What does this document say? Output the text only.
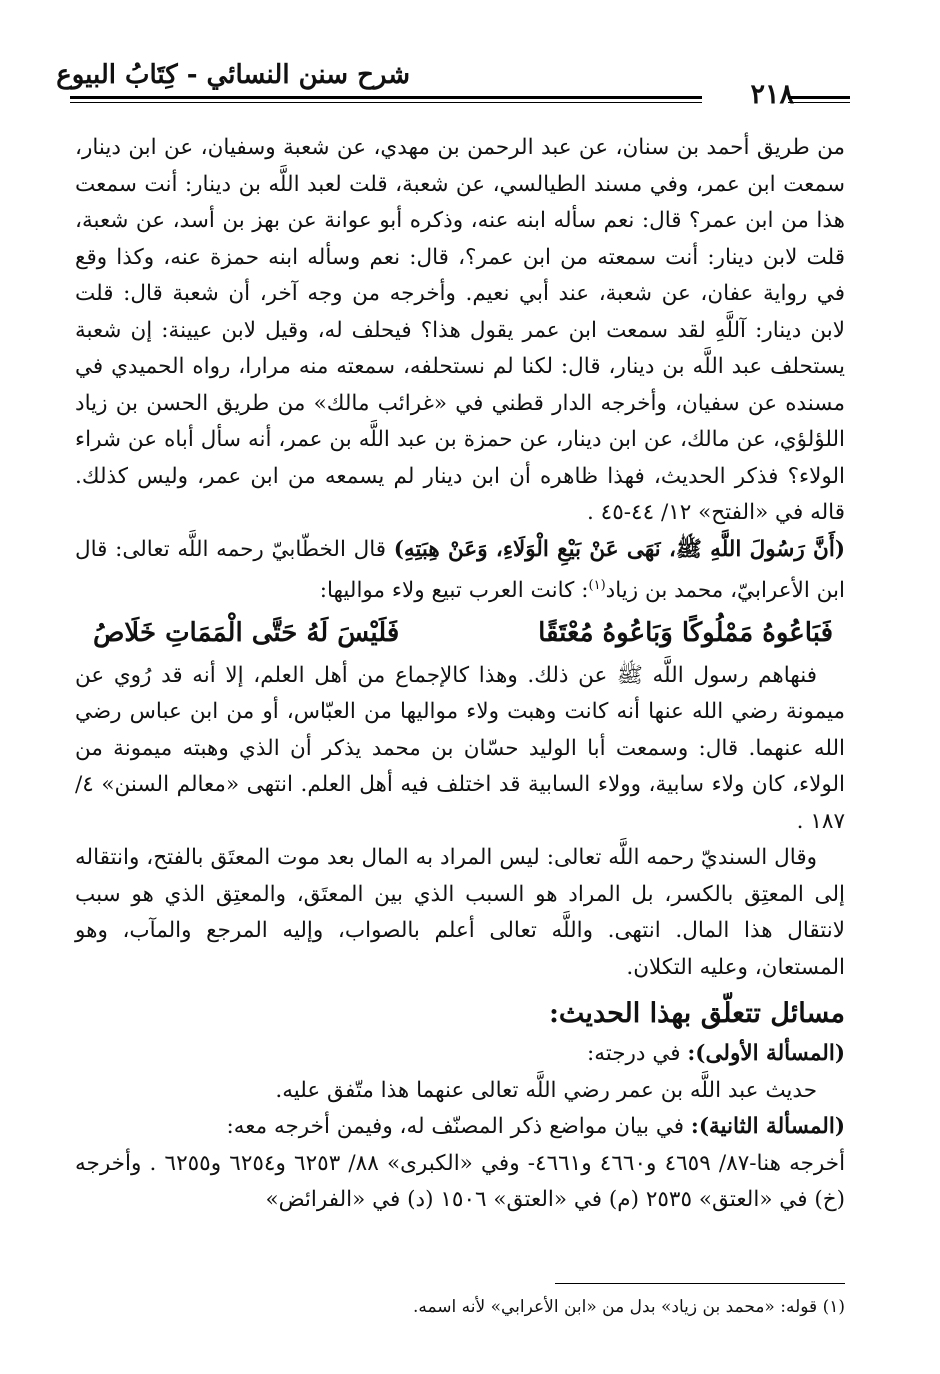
شرح سنن النسائي - كِتَابُ البيوع
٢١٨

من طريق أحمد بن سنان، عن عبد الرحمن بن مهدي، عن شعبة وسفيان، عن ابن دينار، سمعت ابن عمر، وفي مسند الطيالسي، عن شعبة، قلت لعبد اللَّه بن دينار: أنت سمعت هذا من ابن عمر؟ قال: نعم سأله ابنه عنه، وذكره أبو عوانة عن بهز بن أسد، عن شعبة، قلت لابن دينار: أنت سمعته من ابن عمر؟، قال: نعم وسأله ابنه حمزة عنه، وكذا وقع في رواية عفان، عن شعبة، عند أبي نعيم. وأخرجه من وجه آخر، أن شعبة قال: قلت لابن دينار: آللَّهِ لقد سمعت ابن عمر يقول هذا؟ فيحلف له، وقيل لابن عيينة: إن شعبة يستحلف عبد اللَّه بن دينار، قال: لكنا لم نستحلفه، سمعته منه مرارا، رواه الحميدي في مسنده عن سفيان، وأخرجه الدار قطني في «غرائب مالك» من طريق الحسن بن زياد اللؤلؤي، عن مالك، عن ابن دينار، عن حمزة بن عبد اللَّه بن عمر، أنه سأل أباه عن شراء الولاء؟ فذكر الحديث، فهذا ظاهره أن ابن دينار لم يسمعه من ابن عمر، وليس كذلك. قاله في «الفتح» ١٢/ ٤٤-٤٥ .

(أَنَّ رَسُولَ اللَّهِ ﷺ، نَهَى عَنْ بَيْعِ الْوَلَاءِ، وَعَنْ هِبَتِهِ) قال الخطّابيّ رحمه اللَّه تعالى: قال ابن الأعرابيّ، محمد بن زياد$^{(١)}$: كانت العرب تبيع ولاء مواليها:

فَبَاعُوهُ مَمْلُوكًا وَبَاعُوهُ مُعْتَقًا
فَلَيْسَ لَهُ حَتَّى الْمَمَاتِ خَلَاصُ

فنهاهم رسول اللَّه ﷺ عن ذلك. وهذا كالإجماع من أهل العلم، إلا أنه قد رُوي عن ميمونة رضي الله عنها أنه كانت وهبت ولاء مواليها من العبّاس، أو من ابن عباس رضي الله عنهما. قال: وسمعت أبا الوليد حسّان بن محمد يذكر أن الذي وهبته ميمونة من الولاء، كان ولاء سابية، وولاء السابية قد اختلف فيه أهل العلم. انتهى «معالم السنن» ٤/ ١٨٧ .

وقال السنديّ رحمه اللَّه تعالى: ليس المراد به المال بعد موت المعتَق بالفتح، وانتقاله إلى المعتِق بالكسر، بل المراد هو السبب الذي بين المعتَق، والمعتِق الذي هو سبب لانتقال هذا المال. انتهى. واللَّه تعالى أعلم بالصواب، وإليه المرجع والمآب، وهو المستعان، وعليه التكلان.

مسائل تتعلّق بهذا الحديث:

(المسألة الأولى): في درجته:

حديث عبد اللَّه بن عمر رضي اللَّه تعالى عنهما هذا متّفق عليه.

(المسألة الثانية): في بيان مواضع ذكر المصنّف له، وفيمن أخرجه معه:

أخرجه هنا-٨٧/ ٤٦٥٩ و٤٦٦٠ و٤٦٦١- وفي «الكبرى» ٨٨/ ٦٢٥٣ و٦٢٥٤ و٦٢٥٥ . وأخرجه (خ) في «العتق» ٢٥٣٥ (م) في «العتق» ١٥٠٦ (د) في «الفرائض»

(١) قوله: «محمد بن زياد» بدل من «ابن الأعرابي» لأنه اسمه.
